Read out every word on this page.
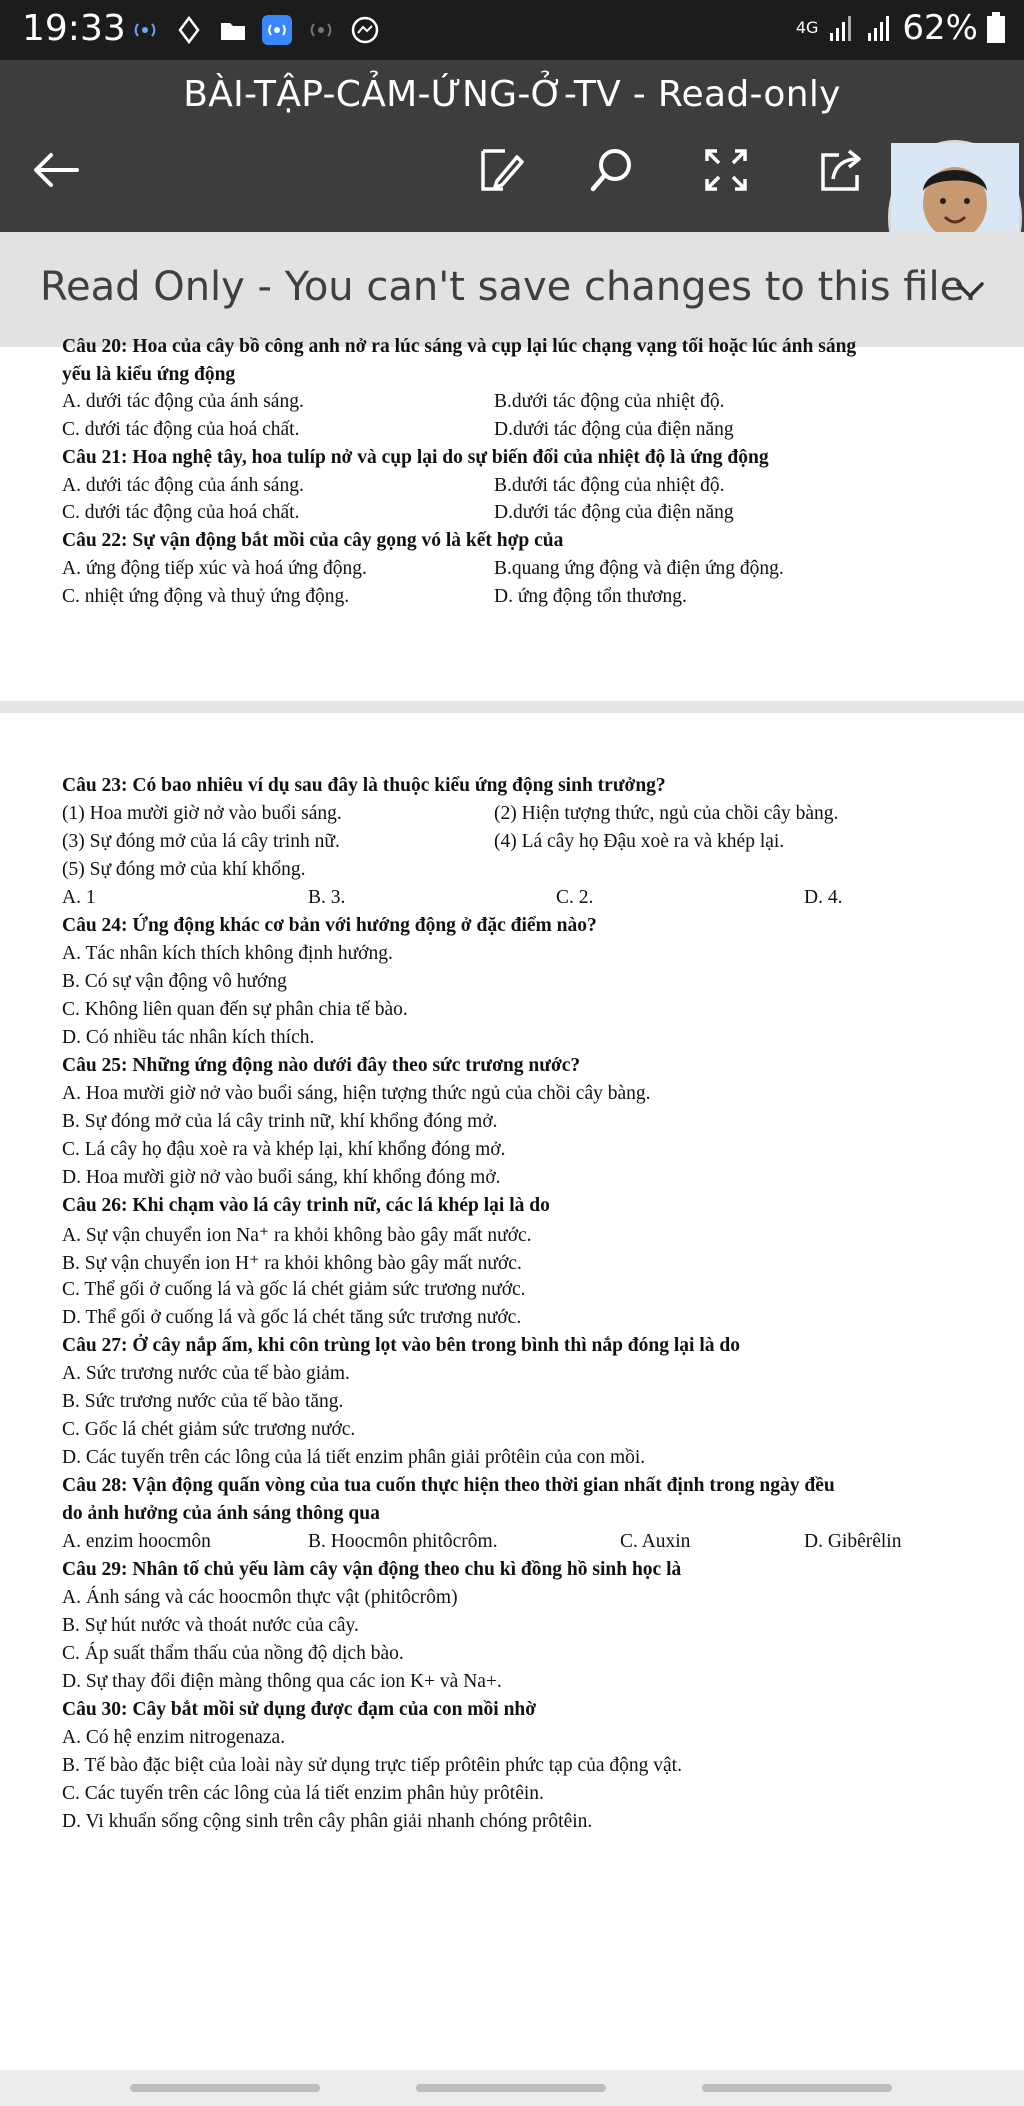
19:33	4G 62%
BÀI-TẬP-CẢM-ỨNG-Ở-TV - Read-only
Read Only - You can't save changes to this file.
Câu 20: Hoa của cây bồ công anh nở ra lúc sáng và cụp lại lúc chạng vạng tối hoặc lúc ánh sáng
yếu là kiểu ứng động
A. dưới tác động của ánh sáng.	B.dưới tác động của nhiệt độ.
C. dưới tác động của hoá chất.	D.dưới tác động của điện năng
Câu 21: Hoa nghệ tây, hoa tulíp nở và cụp lại do sự biến đổi của nhiệt độ là ứng động
A. dưới tác động của ánh sáng.	B.dưới tác động của nhiệt độ.
C. dưới tác động của hoá chất.	D.dưới tác động của điện năng
Câu 22: Sự vận động bắt mồi của cây gọng vó là kết hợp của
A. ứng động tiếp xúc và hoá ứng động.	B.quang ứng động và điện ứng động.
C. nhiệt ứng động và thuỷ ứng động.	D. ứng động tổn thương.
Câu 23: Có bao nhiêu ví dụ sau đây là thuộc kiểu ứng động sinh trưởng?
(1) Hoa mười giờ nở vào buổi sáng.	(2) Hiện tượng thức, ngủ của chồi cây bàng.
(3) Sự đóng mở của lá cây trinh nữ.	(4) Lá cây họ Đậu xoè ra và khép lại.
(5) Sự đóng mở của khí khổng.
A. 1	B. 3.	C. 2.	D. 4.
Câu 24: Ứng động khác cơ bản với hướng động ở đặc điểm nào?
A. Tác nhân kích thích không định hướng.
B. Có sự vận động vô hướng
C. Không liên quan đến sự phân chia tế bào.
D. Có nhiều tác nhân kích thích.
Câu 25: Những ứng động nào dưới đây theo sức trương nước?
A. Hoa mười giờ nở vào buổi sáng, hiện tượng thức ngủ của chồi cây bàng.
B. Sự đóng mở của lá cây trinh nữ, khí khổng đóng mở.
C. Lá cây họ đậu xoè ra và khép lại, khí khổng đóng mở.
D. Hoa mười giờ nở vào buổi sáng, khí khổng đóng mở.
Câu 26: Khi chạm vào lá cây trinh nữ, các lá khép lại là do
A. Sự vận chuyển ion Na⁺ ra khỏi không bào gây mất nước.
B. Sự vận chuyển ion H⁺ ra khỏi không bào gây mất nước.
C. Thể gối ở cuống lá và gốc lá chét giảm sức trương nước.
D. Thể gối ở cuống lá và gốc lá chét tăng sức trương nước.
Câu 27: Ở cây nắp ấm, khi côn trùng lọt vào bên trong bình thì nắp đóng lại là do
A. Sức trương nước của tế bào giảm.
B. Sức trương nước của tế bào tăng.
C. Gốc lá chét giảm sức trương nước.
D. Các tuyến trên các lông của lá tiết enzim phân giải prôtêin của con mồi.
Câu 28: Vận động quấn vòng của tua cuốn thực hiện theo thời gian nhất định trong ngày đều
do ảnh hưởng của ánh sáng thông qua
A. enzim hoocmôn	B. Hoocmôn phitôcrôm.	C. Auxin	D. Gibêrêlin
Câu 29: Nhân tố chủ yếu làm cây vận động theo chu kì đồng hồ sinh học là
A. Ánh sáng và các hoocmôn thực vật (phitôcrôm)
B. Sự hút nước và thoát nước của cây.
C. Áp suất thẩm thấu của nồng độ dịch bào.
D. Sự thay đổi điện màng thông qua các ion K+ và Na+.
Câu 30: Cây bắt mồi sử dụng được đạm của con mồi nhờ
A. Có hệ enzim nitrogenaza.
B. Tế bào đặc biệt của loài này sử dụng trực tiếp prôtêin phức tạp của động vật.
C. Các tuyến trên các lông của lá tiết enzim phân hủy prôtêin.
D. Vi khuẩn sống cộng sinh trên cây phân giải nhanh chóng prôtêin.
